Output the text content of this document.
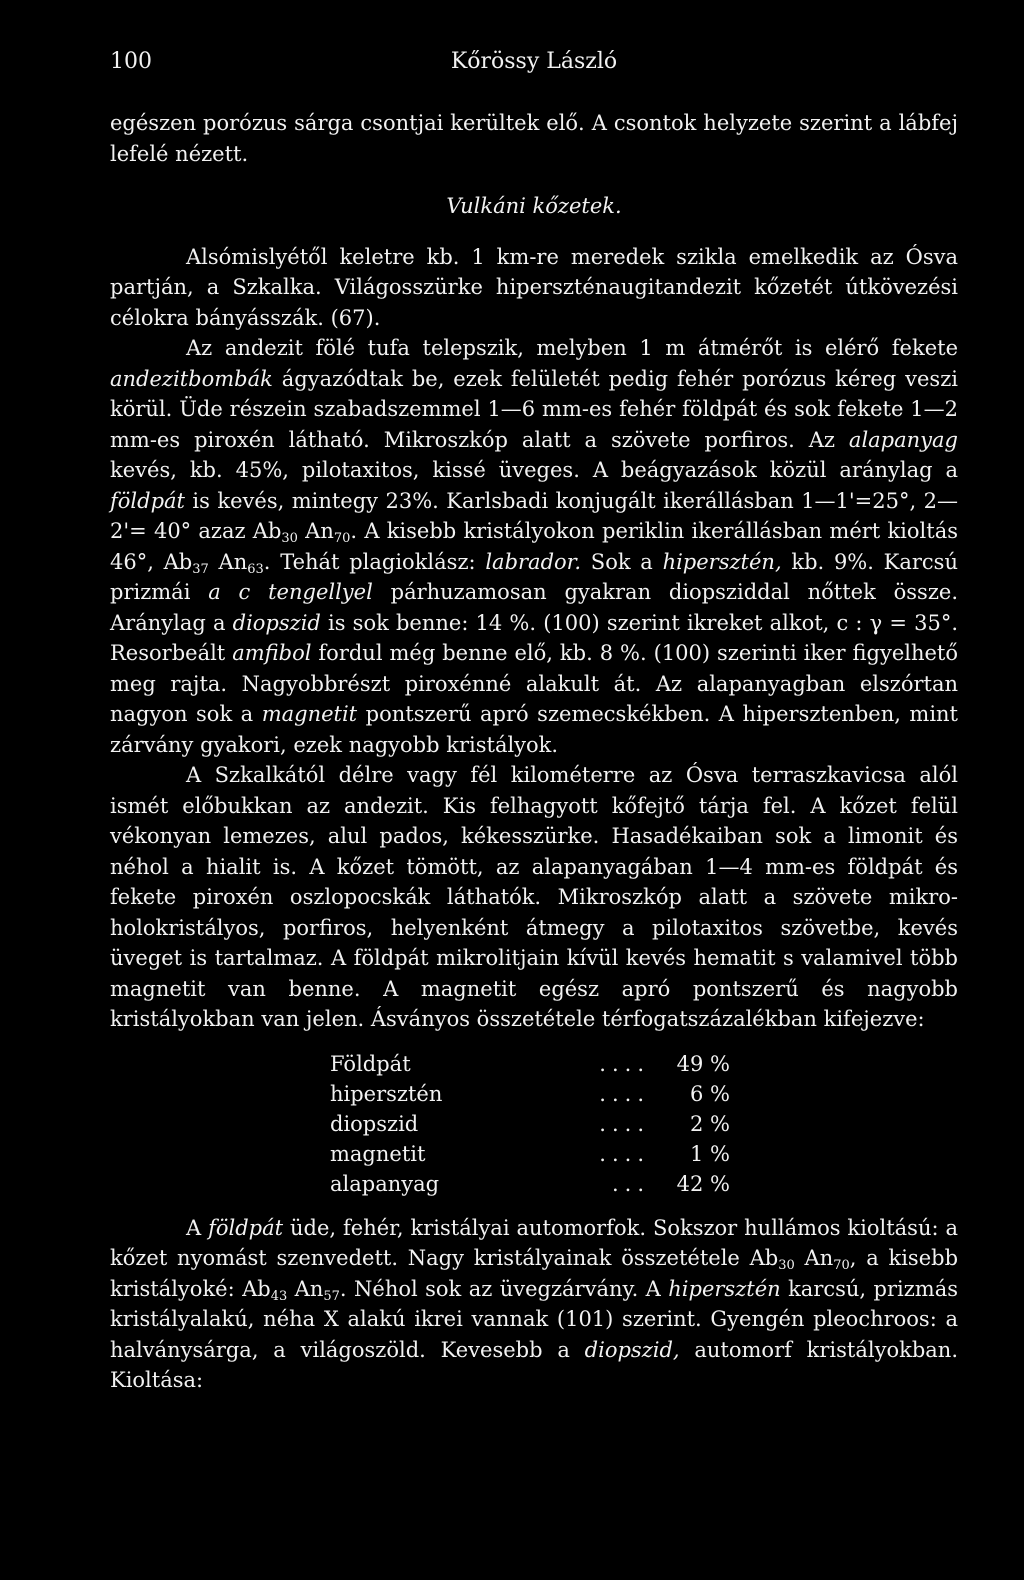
100	Kőrössy László

egészen porózus sárga csontjai kerültek elő. A csontok helyzete szerint a lábfej lefelé nézett.

Vulkáni kőzetek.

Alsómislyétől keletre kb. 1 km-re meredek szikla emelkedik az Ósva partján, a Szkalka. Világosszürke hiperszténaugitandezit kőzetét útkövezési célokra bányásszák. (67).

Az andezit fölé tufa telepszik, melyben 1 m átmérőt is elérő fekete andezitbombák ágyazódtak be, ezek felületét pedig fehér porózus kéreg veszi körül. Üde részein szabadszemmel 1—6 mm-es fehér földpát és sok fekete 1—2 mm-es piroxén látható. Mikroszkóp alatt a szövete porfiros. Az alapanyag kevés, kb. 45%, pilotaxitos, kissé üveges. A beágyazások közül aránylag a földpát is kevés, mintegy 23%. Karlsbadi konjugált ikerállásban 1—1'=25°, 2—2'= 40° azaz $Ab_{30}$ $An_{70}$. A kisebb kristályokon periklin ikerállásban mért kioltás 46°, $Ab_{37}$ $An_{63}$. Tehát plagioklász: labrador. Sok a hipersztén, kb. 9%. Karcsú prizmái a c tengellyel párhuzamosan gyakran diopsziddal nőttek össze. Aránylag a diopszid is sok benne: 14 %. (100) szerint ikreket alkot, c : γ = 35°. Resorbeált amfibol fordul még benne elő, kb. 8 %. (100) szerinti iker figyelhető meg rajta. Nagyobbrészt piroxénné alakult át. Az alapanyagban elszórtan nagyon sok a magnetit pontszerű apró szemecskékben. A hipersztenben, mint zárvány gyakori, ezek nagyobb kristályok.

A Szkalkától délre vagy fél kilométerre az Ósva terraszkavicsa alól ismét előbukkan az andezit. Kis felhagyott kőfejtő tárja fel. A kőzet felül vékonyan lemezes, alul pados, kékesszürke. Hasadékaiban sok a limonit és néhol a hialit is. A kőzet tömött, az alapanyagában 1—4 mm-es földpát és fekete piroxén oszlopocskák láthatók. Mikroszkóp alatt a szövete mikro-holokristályos, porfiros, helyenként átmegy a pilotaxitos szövetbe, kevés üveget is tartalmaz. A földpát mikrolitjain kívül kevés hematit s valamivel több magnetit van benne. A magnetit egész apró pontszerű és nagyobb kristályokban van jelen. Ásványos összetétele térfogatszázalékban kifejezve:

Földpát	....	49 %
hipersztén	....	6 %
diopszid	....	2 %
magnetit	....	1 %
alapanyag	...	42 %

A földpát üde, fehér, kristályai automorfok. Sokszor hullámos kioltású: a kőzet nyomást szenvedett. Nagy kristályainak összetétele $Ab_{30}$ $An_{70}$, a kisebb kristályoké: $Ab_{43}$ $An_{57}$. Néhol sok az üvegzárvány. A hipersztén karcsú, prizmás kristályalakú, néha X alakú ikrei vannak (101) szerint. Gyengén pleochroos: a halványsárga, a világoszöld. Kevesebb a diopszid, automorf kristályokban. Kioltása:
